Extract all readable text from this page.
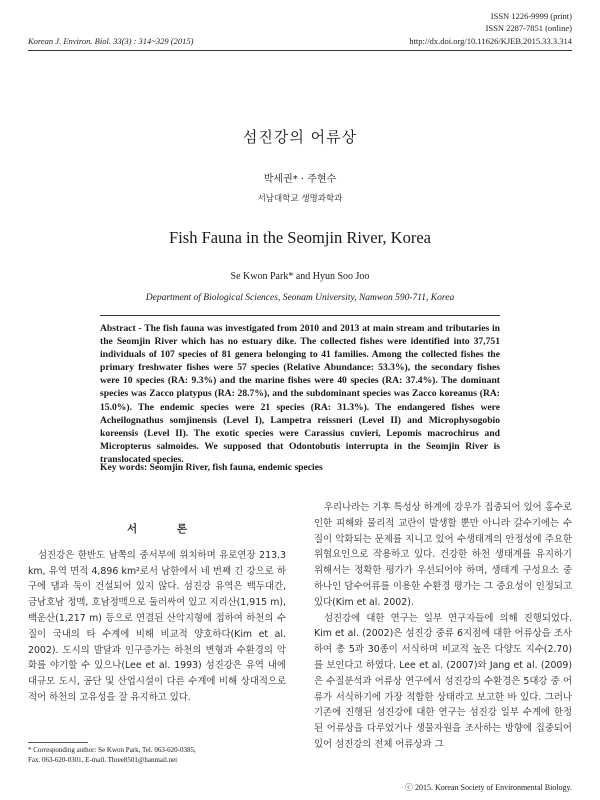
ISSN 1226-9999 (print)
ISSN 2287-7851 (online)
Korean J. Environ. Biol. 33(3) : 314~329 (2015)	http://dx.doi.org/10.11626/KJEB.2015.33.3.314
섬진강의 어류상
박세권* · 주현수
서남대학교 생명과학과
Fish Fauna in the Seomjin River, Korea
Se Kwon Park* and Hyun Soo Joo
Department of Biological Sciences, Seonam University, Namwon 590-711, Korea
Abstract - The fish fauna was investigated from 2010 and 2013 at main stream and tributaries in the Seomjin River which has no estuary dike. The collected fishes were identified into 37,751 individuals of 107 species of 81 genera belonging to 41 families. Among the collected fishes the primary freshwater fishes were 57 species (Relative Abundance: 53.3%), the secondary fishes were 10 species (RA: 9.3%) and the marine fishes were 40 species (RA: 37.4%). The dominant species was Zacco platypus (RA: 28.7%), and the subdominant species was Zacco koreanus (RA: 15.0%). The endemic species were 21 species (RA: 31.3%). The endangered fishes were Acheilognathus somjinensis (Level I), Lampetra reissneri (Level II) and Microphysogobio koreensis (Level II). The exotic species were Carassius cuvieri, Lepomis macrochirus and Micropterus salmoides. We supposed that Odontobutis interrupta in the Seomjin River is translocated species.
Key words: Seomjin River, fish fauna, endemic species
서 론

섬진강은 한반도 남쪽의 중서부에 위치하며 유로연장 213.3 km, 유역 면적 4,896 km²로서 남한에서 네 번째 긴 강으로 하구에 댐과 둑이 건설되어 있지 않다. 섬진강 유역은 백두대간, 금남호남 정맥, 호남정맥으로 둘러싸여 있고 지리산(1,915 m), 백운산(1,217 m) 등으로 연결된 산악지형에 접하여 하천의 수질이 국내의 타 수계에 비해 비교적 양호하다(Kim et al. 2002). 도시의 발달과 인구증가는 하천의 변형과 수환경의 악화를 야기할 수 있으나(Lee et al. 1993) 섬진강은 유역 내에 대규모 도시, 공단 및 산업시설이 다른 수계에 비해 상대적으로 적어 하천의 고유성을 잘 유지하고 있다.

우리나라는 기후 특성상 하계에 강우가 집중되어 있어 홍수로 인한 피해와 물리적 교란이 발생할 뿐만 아니라 갈수기에는 수질이 악화되는 문제를 지니고 있어 수생태계의 안정성에 주요한 위협요인으로 작용하고 있다. 건강한 하천 생태계를 유지하기 위해서는 정확한 평가가 우선되어야 하며, 생태계 구성요소 중 하나인 담수어류를 이용한 수환경 평가는 그 중요성이 인정되고 있다(Kim et al. 2002).

섬진강에 대한 연구는 일부 연구자들에 의해 진행되었다. Kim et al. (2002)은 섬진강 중류 6지점에 대한 어류상을 조사하여 총 5과 30종이 서식하며 비교적 높은 다양도 지수(2.70)를 보인다고 하였다. Lee et al. (2007)와 Jang et al. (2009)은 수질분석과 어류상 연구에서 섬진강의 수환경은 5대강 중 어류가 서식하기에 가장 적합한 상태라고 보고한 바 있다. 그러나 기존에 진행된 섬진강에 대한 연구는 섬진강 일부 수계에 한정된 어류상을 다루었거나 생물자원을 조사하는 방향에 집중되어 있어 섬진강의 전체 어류상과 그

* Corresponding author: Se Kwon Park, Tel. 063-620-0385,
Fax. 063-620-0301, E-mail. Three8501@hanmail.net
ⓒ 2015. Korean Society of Environmental Biology.
